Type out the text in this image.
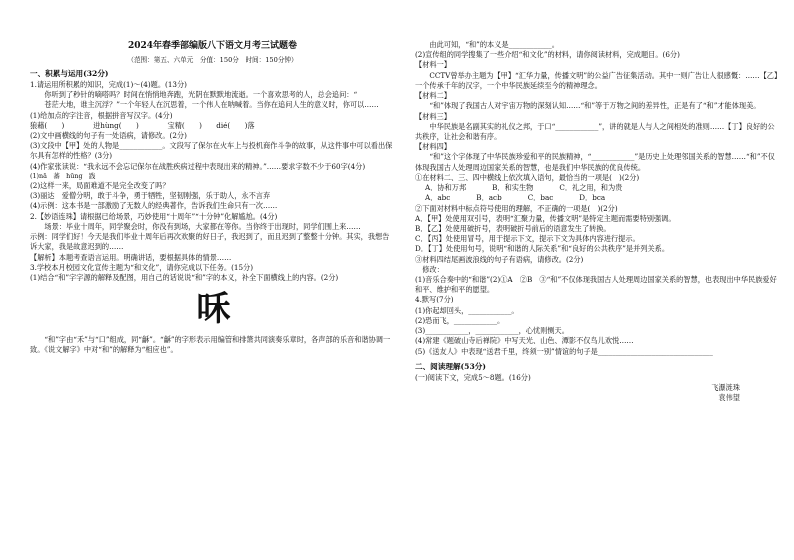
2024年春季部编版八下语文月考三试题卷
（范围：第五、六单元　分值：150分　时间：150分钟）
一、积累与运用(32分)
1.请运用所积累的知识，完成(1)～(4)题。(13分)
　　你听到了秒针的嘀嗒吗？时间在悄悄地奔跑，光阴在默默地流逝。一个喜欢思考的人，总会追问：“
　　苍茫大地，谁主沉浮？”一个年轻人在沉思着，一个伟人在呐喊着。当你在追问人生的意义时，你可以……
(1)给加点的字注音，根据拼音写汉字。(4分)
狼藉(　　)　　　　迸hùng(　　)　　　　宝精(　　)　　dié(　　)落
(2)文中画横线的句子有一处语病，请修改。(2分)
(3)文段中【甲】处的人物是____________。文段写了保尔在火车上与投机商作斗争的故事，从这件事中可以看出保尔具有怎样的性格？(3分)
(4)作家张读说：“我永远不会忘记保尔在战胜疾病过程中表现出来的精神。”……要求字数不少于60字(4分)
(1)nā　蕃　hūng　践
(2)这样一来，局面难道不是完全改变了吗？
(3)丽达　爱僧分明，敢于斗争，勇于牺牲，坚韧刚强，乐于助人，永不言弃
(4)示例：这本书是一部激励了无数人的经典著作，告诉我们生命只有一次……
2.【妙语连珠】请根据已给场景，巧妙使用“十周年”“十分钟”化解尴尬。(4分)
　　场景：毕业十周年，同学聚会时，你没有到场，大家都在等你。当你终于出现时，同学们围上来……
示例：同学们好！今天是我们毕业十周年后再次欢聚的好日子，我迟到了，而且迟到了整整十分钟。其实，我想告诉大家，我是故意迟到的……
【解析】本题考查语言运用。明确讲话，要根据具体的情景……
3.学校本月校园文化宣传主题为“和文化”，请你完成以下任务。(15分)
(1)结合“和”字字源的解释及配图，用自己的话说说“和”字的本义，补全下面横线上的内容。(2分)
咊
　　“和”字由“禾”与“口”组成，同“龢”。“龢”的字形表示用编管和排箫共同演奏乐章时，各声部的乐音和谐协调一致。《说文解字》中对“和”的解释为“相应也”。
　　由此可知，“和”的本义是____________。
(2)宣传组的同学搜集了一些介绍“和文化”的材料，请你阅读材料，完成题目。(6分)
【材料一】
　　CCTV曾举办主题为【甲】“汇华力量，传播文明”的公益广告征集活动。其中一则广告让人很感慨：……【乙】一个传承千年的汉字，一个中华民族延续至今的精神理念。
【材料二】
　　“和”体现了我国古人对宇宙万物的深刻认知……“和”等于万物之间的差异性，正是有了“和”才能体现美。
【材料三】
　　中华民族是名副其实的礼仪之邦，于口“____________”，讲的就是人与人之间相处的准则……【丁】良好的公共秩序，让社会和谐有序。
【材料四】
　　“和”这个字体现了中华民族珍爱和平的民族精神，“____________”是历史上处理邻国关系的智慧……“和”不仅体现我国古人处理周边国家关系的智慧，也是我们中华民族的优良传统。
①在材料二、三、四中横线上依次填入语句，最恰当的一项是(　)(2分)
A．协和万邦	B．和实生物	C．礼之用，和为贵
A．abc	B．acb	C．bac	D．bca
②下面对材料中标点符号使用的理解，不正确的一项是(　)(2分)
A．【甲】处使用双引号，表明“汇聚力量，传播文明”是特定主题而需要特别强调。
B．【乙】处使用破折号，表明破折号前后的语意发生了转换。
C．【丙】处使用冒号，用于提示下文，提示下文为具体内容进行提示。
D．【丁】处使用句号，说明“和谐的人际关系”和“良好的公共秩序”是并列关系。
③材料四结尾画波浪线的句子有语病，请修改。(2分)
　修改：
(1)音乐合奏中的“和谐”(2)①A　②B　③“和”不仅体现我国古人处理周边国家关系的智慧，也表现出中华民族爱好和平、维护和平的愿望。
4.默写(7分)
(1)你起却回头，____________。
(2)恐而飞，____________。
(3)____________，____________，心忧则恻天。
(4)常建《题破山寺后禅院》中写天光、山色、潭影不仅鸟儿欢悦……
(5)《送友人》中表现“送君千里，终须一别”情谊的句子是________________________________
二、阅读理解(53分)
(一)阅读下文，完成5～8题。(16分)
飞瀑涟珠
袁伟望
